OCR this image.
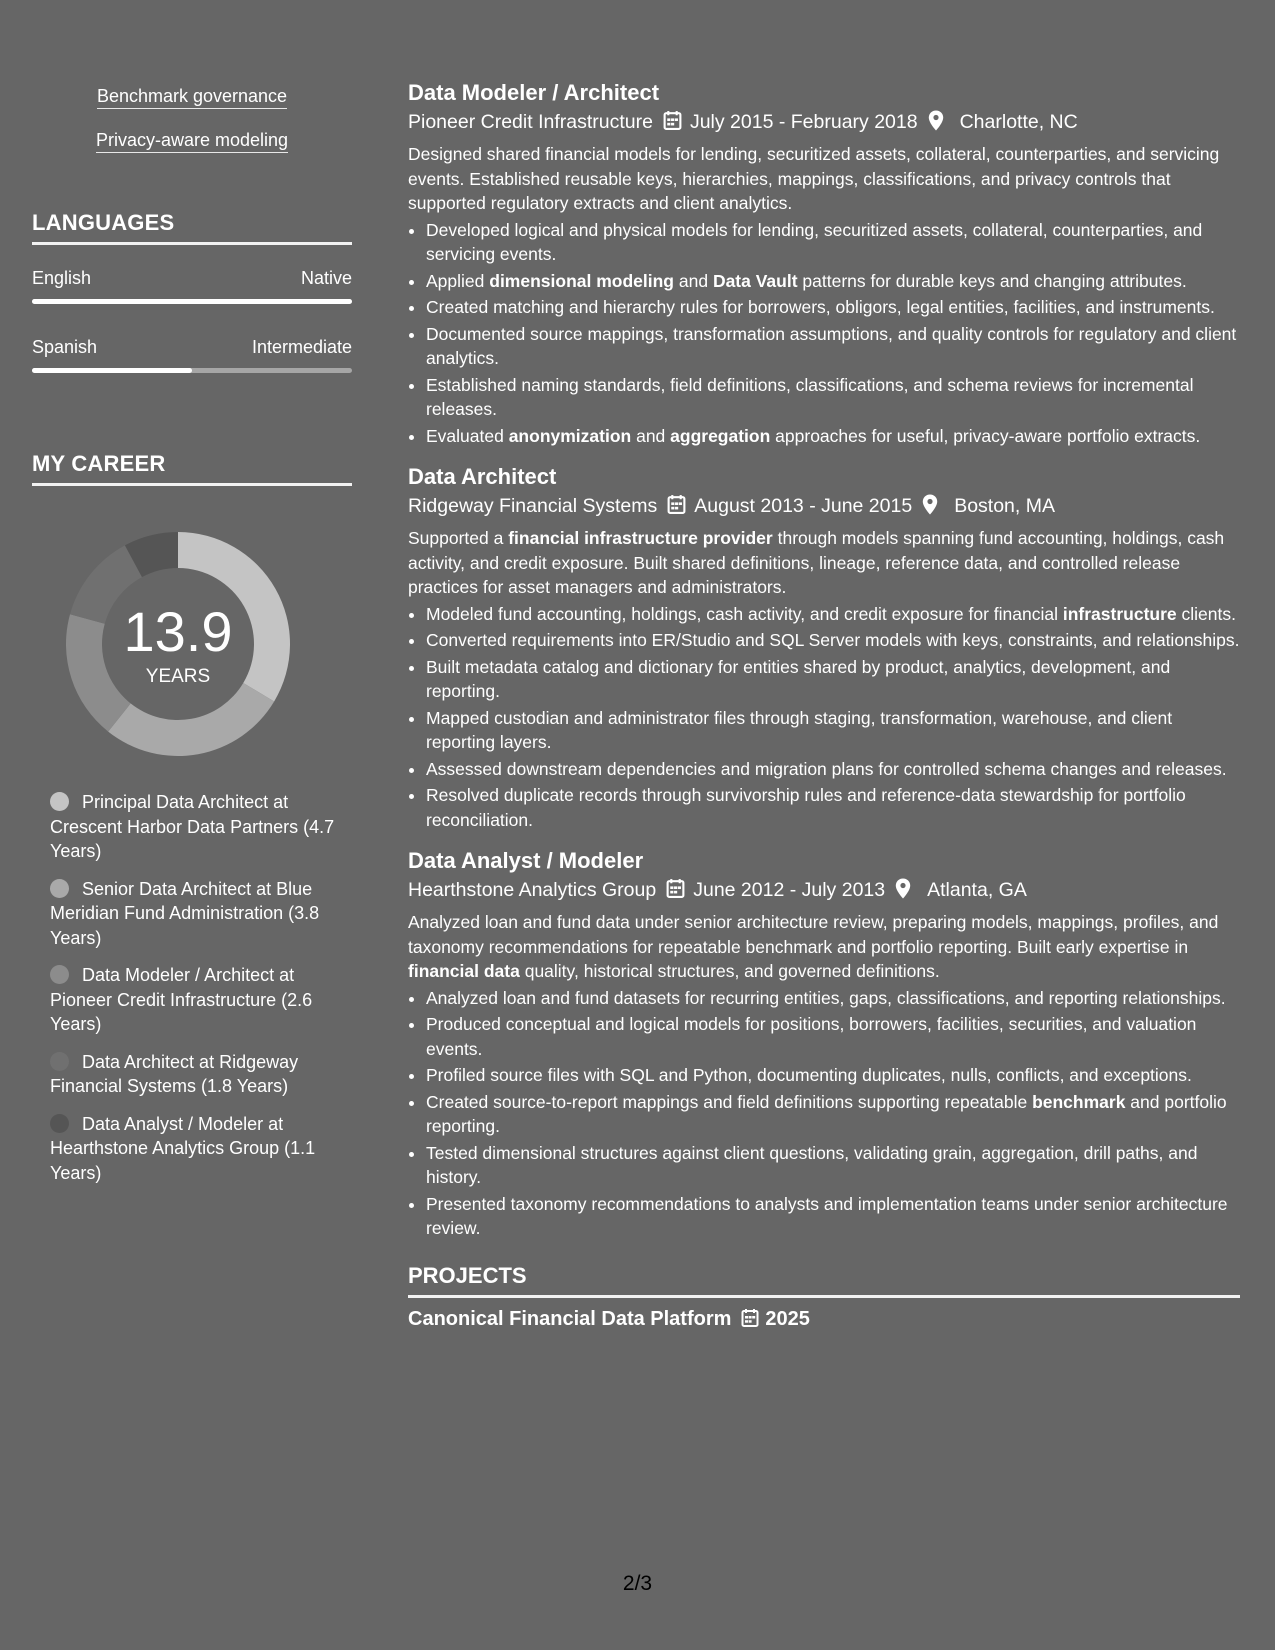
Benchmark governance
Privacy-aware modeling
LANGUAGES
English	Native
Spanish	Intermediate
MY CAREER
13.9
YEARS
Principal Data Architect at Crescent Harbor Data Partners (4.7 Years)
Senior Data Architect at Blue Meridian Fund Administration (3.8 Years)
Data Modeler / Architect at Pioneer Credit Infrastructure (2.6 Years)
Data Architect at Ridgeway Financial Systems (1.8 Years)
Data Analyst / Modeler at Hearthstone Analytics Group (1.1 Years)
Data Modeler / Architect
Pioneer Credit Infrastructure July 2015 - February 2018 Charlotte, NC
Designed shared financial models for lending, securitized assets, collateral, counterparties, and servicing events. Established reusable keys, hierarchies, mappings, classifications, and privacy controls that supported regulatory extracts and client analytics.
• Developed logical and physical models for lending, securitized assets, collateral, counterparties, and servicing events.
• Applied dimensional modeling and Data Vault patterns for durable keys and changing attributes.
• Created matching and hierarchy rules for borrowers, obligors, legal entities, facilities, and instruments.
• Documented source mappings, transformation assumptions, and quality controls for regulatory and client analytics.
• Established naming standards, field definitions, classifications, and schema reviews for incremental releases.
• Evaluated anonymization and aggregation approaches for useful, privacy-aware portfolio extracts.
Data Architect
Ridgeway Financial Systems August 2013 - June 2015 Boston, MA
Supported a financial infrastructure provider through models spanning fund accounting, holdings, cash activity, and credit exposure. Built shared definitions, lineage, reference data, and controlled release practices for asset managers and administrators.
• Modeled fund accounting, holdings, cash activity, and credit exposure for financial infrastructure clients.
• Converted requirements into ER/Studio and SQL Server models with keys, constraints, and relationships.
• Built metadata catalog and dictionary for entities shared by product, analytics, development, and reporting.
• Mapped custodian and administrator files through staging, transformation, warehouse, and client reporting layers.
• Assessed downstream dependencies and migration plans for controlled schema changes and releases.
• Resolved duplicate records through survivorship rules and reference-data stewardship for portfolio reconciliation.
Data Analyst / Modeler
Hearthstone Analytics Group June 2012 - July 2013 Atlanta, GA
Analyzed loan and fund data under senior architecture review, preparing models, mappings, profiles, and taxonomy recommendations for repeatable benchmark and portfolio reporting. Built early expertise in financial data quality, historical structures, and governed definitions.
• Analyzed loan and fund datasets for recurring entities, gaps, classifications, and reporting relationships.
• Produced conceptual and logical models for positions, borrowers, facilities, securities, and valuation events.
• Profiled source files with SQL and Python, documenting duplicates, nulls, conflicts, and exceptions.
• Created source-to-report mappings and field definitions supporting repeatable benchmark and portfolio reporting.
• Tested dimensional structures against client questions, validating grain, aggregation, drill paths, and history.
• Presented taxonomy recommendations to analysts and implementation teams under senior architecture review.
PROJECTS
Canonical Financial Data Platform 2025
2/3
